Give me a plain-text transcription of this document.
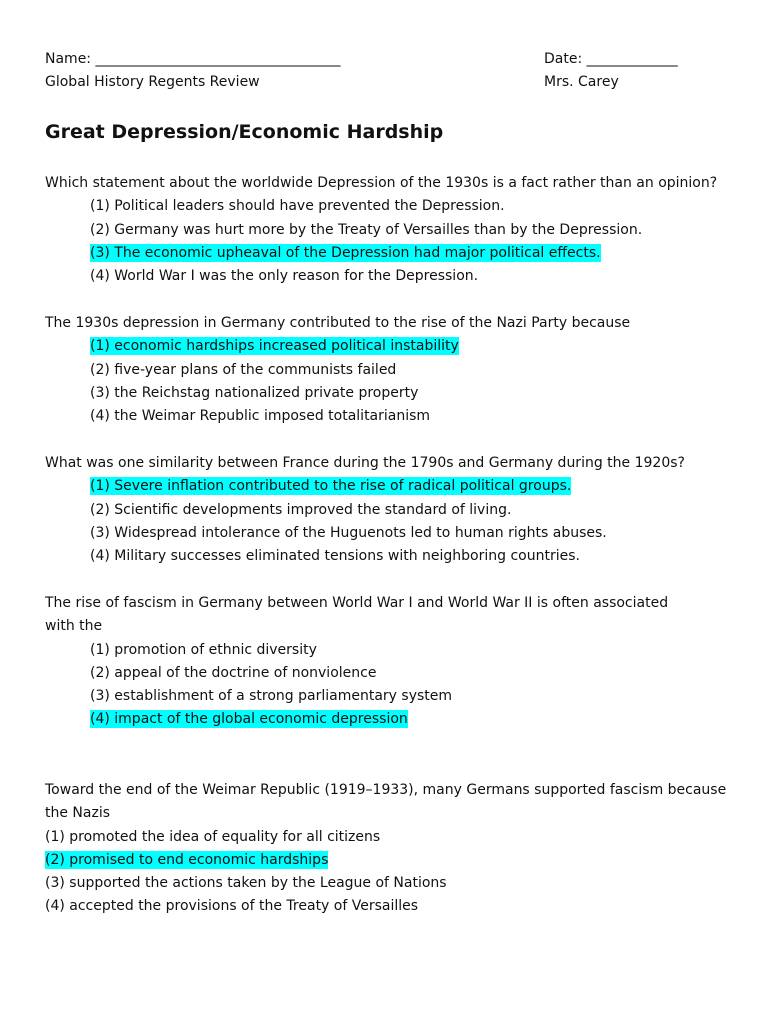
Name: ___________________________________
Global History Regents Review
Date: _____________
Mrs. Carey
Great Depression/Economic Hardship
Which statement about the worldwide Depression of the 1930s is a fact rather than an opinion?
(1) Political leaders should have prevented the Depression.
(2) Germany was hurt more by the Treaty of Versailles than by the Depression.
(3) The economic upheaval of the Depression had major political effects.
(4) World War I was the only reason for the Depression.
The 1930s depression in Germany contributed to the rise of the Nazi Party because
(1) economic hardships increased political instability
(2) five-year plans of the communists failed
(3) the Reichstag nationalized private property
(4) the Weimar Republic imposed totalitarianism
What was one similarity between France during the 1790s and Germany during the 1920s?
(1) Severe inflation contributed to the rise of radical political groups.
(2) Scientific developments improved the standard of living.
(3) Widespread intolerance of the Huguenots led to human rights abuses.
(4) Military successes eliminated tensions with neighboring countries.
The rise of fascism in Germany between World War I and World War II is often associated
with the
(1) promotion of ethnic diversity
(2) appeal of the doctrine of nonviolence
(3) establishment of a strong parliamentary system
(4) impact of the global economic depression
Toward the end of the Weimar Republic (1919–1933), many Germans supported fascism because
the Nazis
(1) promoted the idea of equality for all citizens
(2) promised to end economic hardships
(3) supported the actions taken by the League of Nations
(4) accepted the provisions of the Treaty of Versailles
